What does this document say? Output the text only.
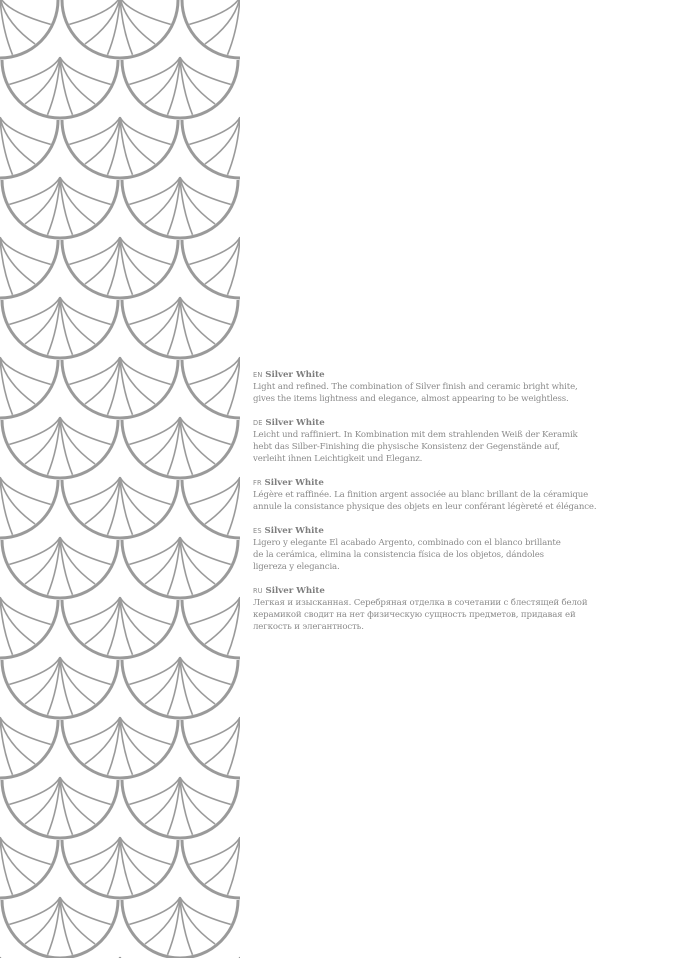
EN Silver White
Light and refined. The combination of Silver finish and ceramic bright white,
gives the items lightness and elegance, almost appearing to be weightless.
DE Silver White
Leicht und raffiniert. In Kombination mit dem strahlenden Weiß der Keramik
hebt das Silber-Finishing die physische Konsistenz der Gegenstände auf,
verleiht ihnen Leichtigkeit und Eleganz.
FR Silver White
Légère et raffinée. La finition argent associée au blanc brillant de la céramique
annule la consistance physique des objets en leur conférant légèreté et élégance.
ES Silver White
Ligero y elegante El acabado Argento, combinado con el blanco brillante
de la cerámica, elimina la consistencia física de los objetos, dándoles
ligereza y elegancia.
RU Silver White
Легкая и изысканная. Серебряная отделка в сочетании с блестящей белой
керамикой сводит на нет физическую сущность предметов, придавая ей
легкость и элегантность.
